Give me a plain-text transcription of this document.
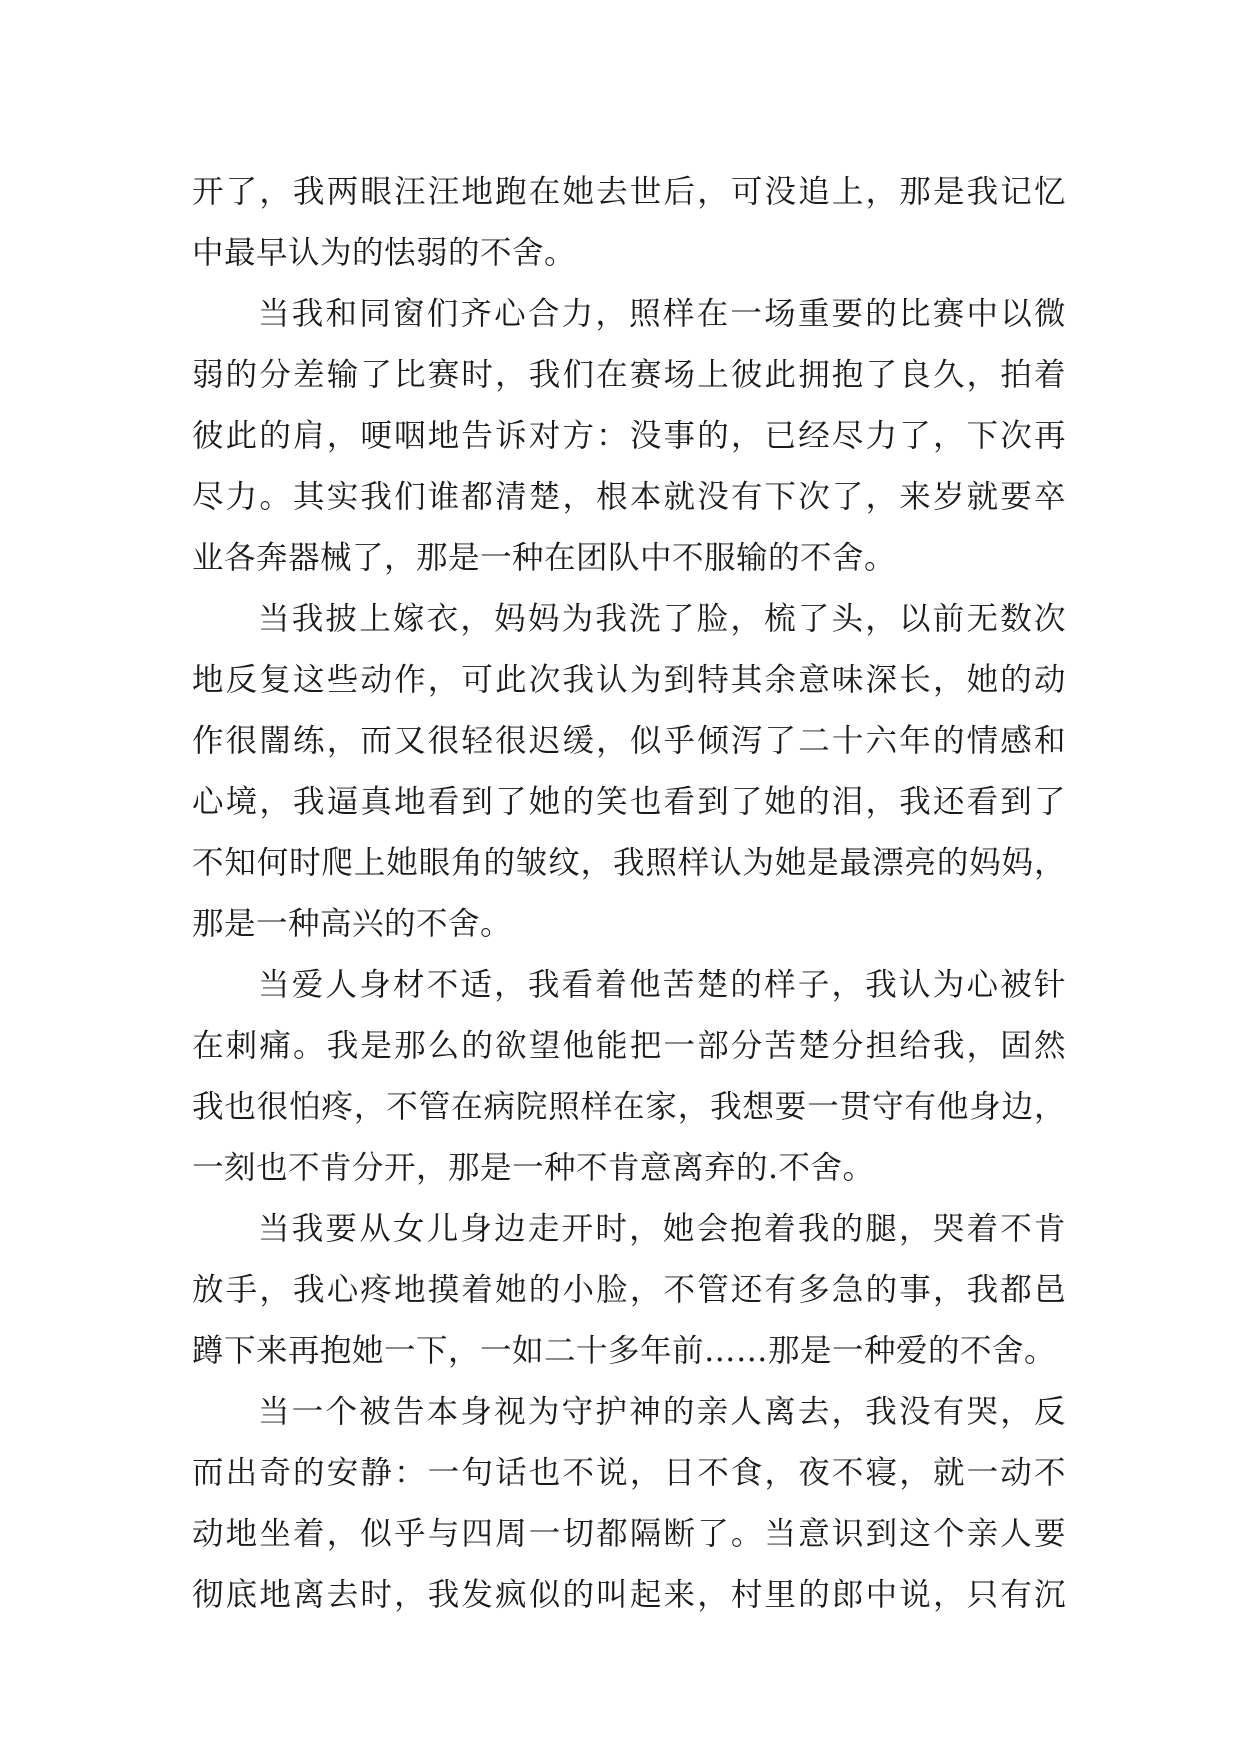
开了，我两眼汪汪地跑在她去世后，可没追上，那是我记忆
中最早认为的怯弱的不舍。
当我和同窗们齐心合力，照样在一场重要的比赛中以微
弱的分差输了比赛时，我们在赛场上彼此拥抱了良久，拍着
彼此的肩，哽咽地告诉对方：没事的，已经尽力了，下次再
尽力。其实我们谁都清楚，根本就没有下次了，来岁就要卒
业各奔器械了，那是一种在团队中不服输的不舍。
当我披上嫁衣，妈妈为我洗了脸，梳了头，以前无数次
地反复这些动作，可此次我认为到特其余意味深长，她的动
作很闇练，而又很轻很迟缓，似乎倾泻了二十六年的情感和
心境，我逼真地看到了她的笑也看到了她的泪，我还看到了
不知何时爬上她眼角的皱纹，我照样认为她是最漂亮的妈妈，
那是一种高兴的不舍。
当爱人身材不适，我看着他苦楚的样子，我认为心被针
在刺痛。我是那么的欲望他能把一部分苦楚分担给我，固然
我也很怕疼，不管在病院照样在家，我想要一贯守有他身边，
一刻也不肯分开，那是一种不肯意离弃的.不舍。
当我要从女儿身边走开时，她会抱着我的腿，哭着不肯
放手，我心疼地摸着她的小脸，不管还有多急的事，我都邑
蹲下来再抱她一下，一如二十多年前……那是一种爱的不舍。
当一个被告本身视为守护神的亲人离去，我没有哭，反
而出奇的安静：一句话也不说，日不食，夜不寝，就一动不
动地坐着，似乎与四周一切都隔断了。当意识到这个亲人要
彻底地离去时，我发疯似的叫起来，村里的郎中说，只有沉
